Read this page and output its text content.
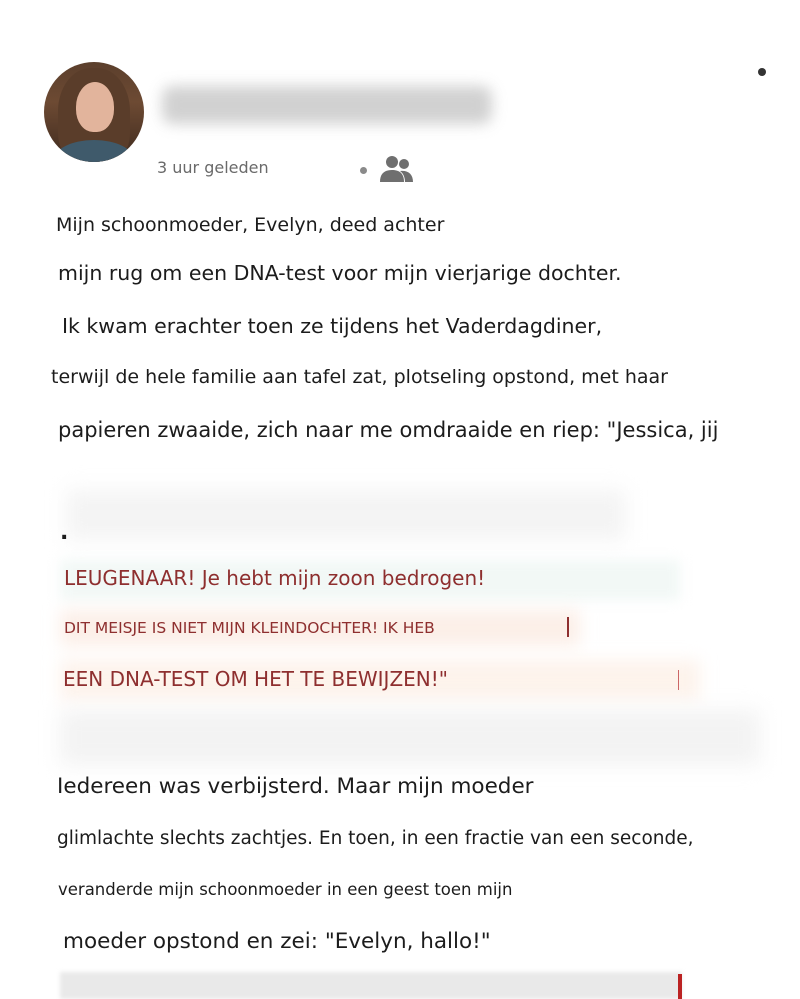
3 uur geleden
Mijn schoonmoeder, Evelyn, deed achter
mijn rug om een DNA-test voor mijn vierjarige dochter.
Ik kwam erachter toen ze tijdens het Vaderdagdiner,
terwijl de hele familie aan tafel zat, plotseling opstond, met haar
papieren zwaaide, zich naar me omdraaide en riep: "Jessica, jij
.
LEUGENAAR! Je hebt mijn zoon bedrogen!
DIT MEISJE IS NIET MIJN KLEINDOCHTER! IK HEB
EEN DNA-TEST OM HET TE BEWIJZEN!"
Iedereen was verbijsterd. Maar mijn moeder
glimlachte slechts zachtjes. En toen, in een fractie van een seconde,
veranderde mijn schoonmoeder in een geest toen mijn
moeder opstond en zei: "Evelyn, hallo!"
